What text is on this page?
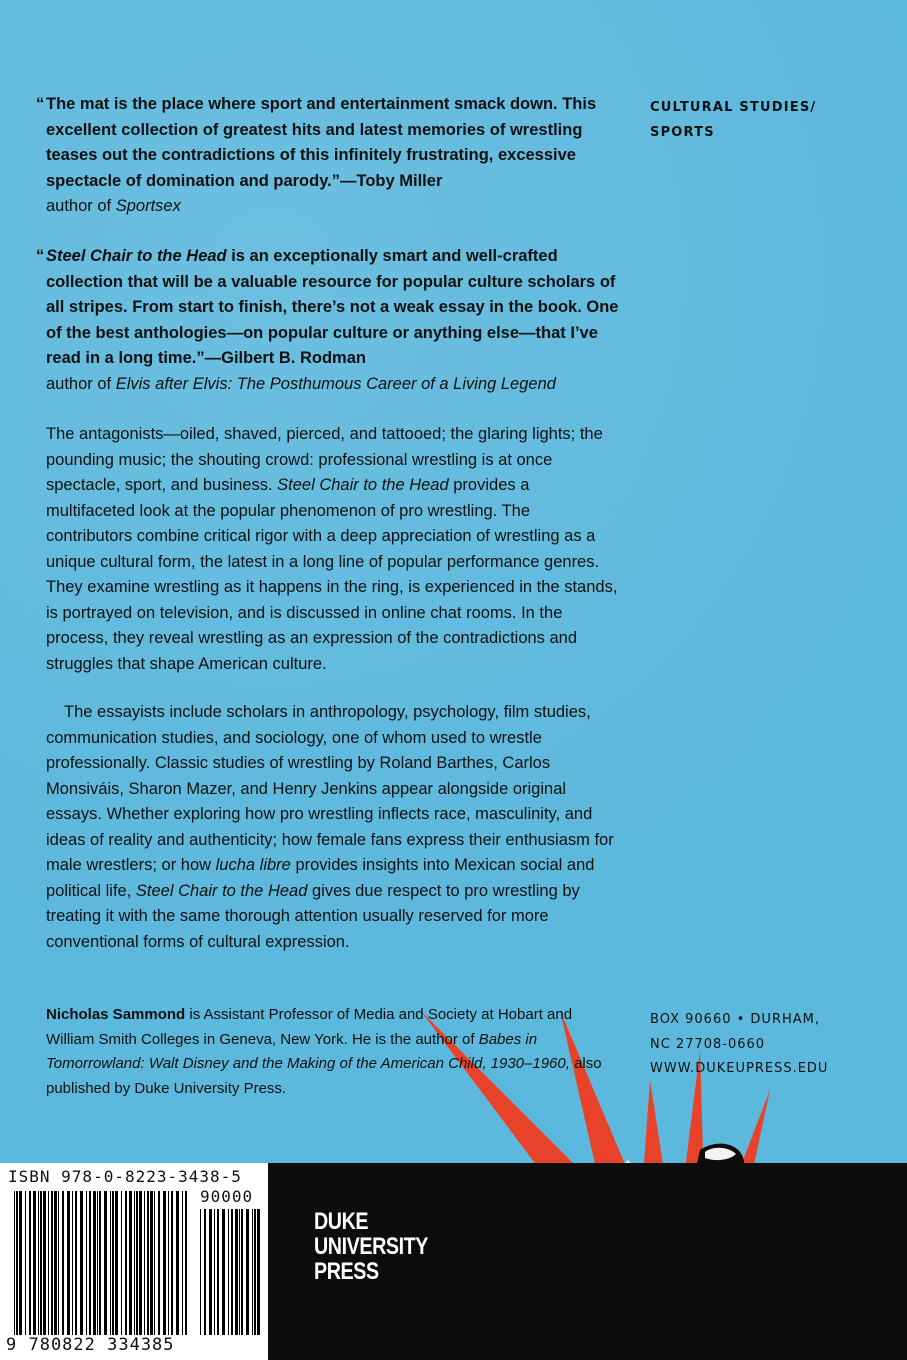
CULTURAL STUDIES/
SPORTS
“ The mat is the place where sport and entertainment smack down. This excellent collection of greatest hits and latest memories of wrestling teases out the contradictions of this infinitely frustrating, excessive spectacle of domination and parody.”—Toby Miller
author of Sportsex
“ Steel Chair to the Head is an exceptionally smart and well-crafted collection that will be a valuable resource for popular culture scholars of all stripes. From start to finish, there’s not a weak essay in the book. One of the best anthologies—on popular culture or anything else—that I’ve read in a long time.”—Gilbert B. Rodman
author of Elvis after Elvis: The Posthumous Career of a Living Legend
The antagonists—oiled, shaved, pierced, and tattooed; the glaring lights; the pounding music; the shouting crowd: professional wrestling is at once spectacle, sport, and business. Steel Chair to the Head provides a multifaceted look at the popular phenomenon of pro wrestling. The contributors combine critical rigor with a deep appreciation of wrestling as a unique cultural form, the latest in a long line of popular performance genres. They examine wrestling as it happens in the ring, is experienced in the stands, is portrayed on television, and is discussed in online chat rooms. In the process, they reveal wrestling as an expression of the contradictions and struggles that shape American culture.
The essayists include scholars in anthropology, psychology, film studies, communication studies, and sociology, one of whom used to wrestle professionally. Classic studies of wrestling by Roland Barthes, Carlos Monsiváis, Sharon Mazer, and Henry Jenkins appear alongside original essays. Whether exploring how pro wrestling inflects race, masculinity, and ideas of reality and authenticity; how female fans express their enthusiasm for male wrestlers; or how lucha libre provides insights into Mexican social and political life, Steel Chair to the Head gives due respect to pro wrestling by treating it with the same thorough attention usually reserved for more conventional forms of cultural expression.
Nicholas Sammond is Assistant Professor of Media and Society at Hobart and William Smith Colleges in Geneva, New York. He is the author of Babes in Tomorrowland: Walt Disney and the Making of the American Child, 1930–1960, also published by Duke University Press.
BOX 90660 • DURHAM,
NC 27708-0660
WWW.DUKEUPRESS.EDU
ISBN 978-0-8223-3438-5
90000
9 780822 334385
DUKE
UNIVERSITY
PRESS
